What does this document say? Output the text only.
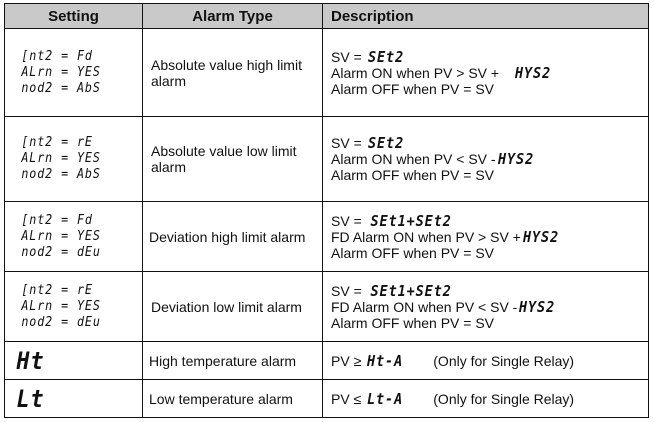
Setting	Alarm Type	Description

[nt2 = Fd
ALrn = YES
nod2 = AbS	Absolute value high limit alarm	SV = SEt2
Alarm ON when PV > SV + HYS2
Alarm OFF when PV = SV

[nt2 = rE
ALrn = YES
nod2 = AbS	Absolute value low limit alarm	SV = SEt2
Alarm ON when PV < SV - HYS2
Alarm OFF when PV = SV

[nt2 = Fd
ALrn = YES
nod2 = dEu	Deviation high limit alarm	SV = SEt1+SEt2
FD Alarm ON when PV > SV + HYS2
Alarm OFF when PV = SV

[nt2 = rE
ALrn = YES
nod2 = dEu	Deviation low limit alarm	SV = SEt1+SEt2
FD Alarm ON when PV < SV - HYS2
Alarm OFF when PV = SV

Ht	High temperature alarm	PV ≥ Ht-A (Only for Single Relay)

Lt	Low temperature alarm	PV ≤ Lt-A (Only for Single Relay)
